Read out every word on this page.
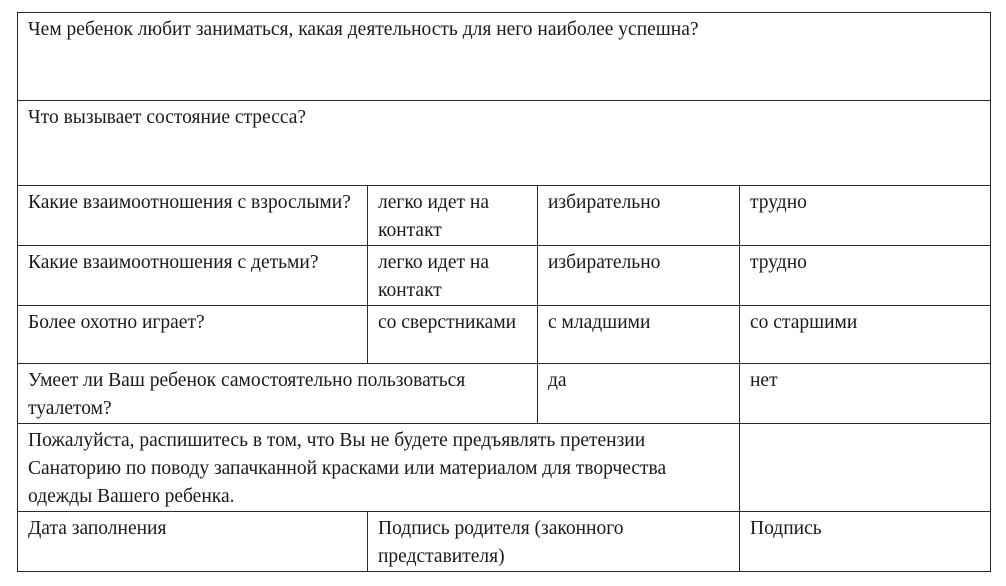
Чем ребенок любит заниматься, какая деятельность для него наиболее успешна?			
Что вызывает состояние стресса?			
Какие взаимоотношения с взрослыми?	легко идет на контакт	избирательно	трудно
Какие взаимоотношения с детьми?	легко идет на контакт	избирательно	трудно
Более охотно играет?	со сверстниками	с младшими	со старшими
Умеет ли Ваш ребенок самостоятельно пользоваться туалетом?		да	нет
Пожалуйста, распишитесь в том, что Вы не будете предъявлять претензии Санаторию по поводу запачканной красками или материалом для творчества одежды Вашего ребенка.			
Дата заполнения	Подпись родителя (законного представителя)		Подпись
